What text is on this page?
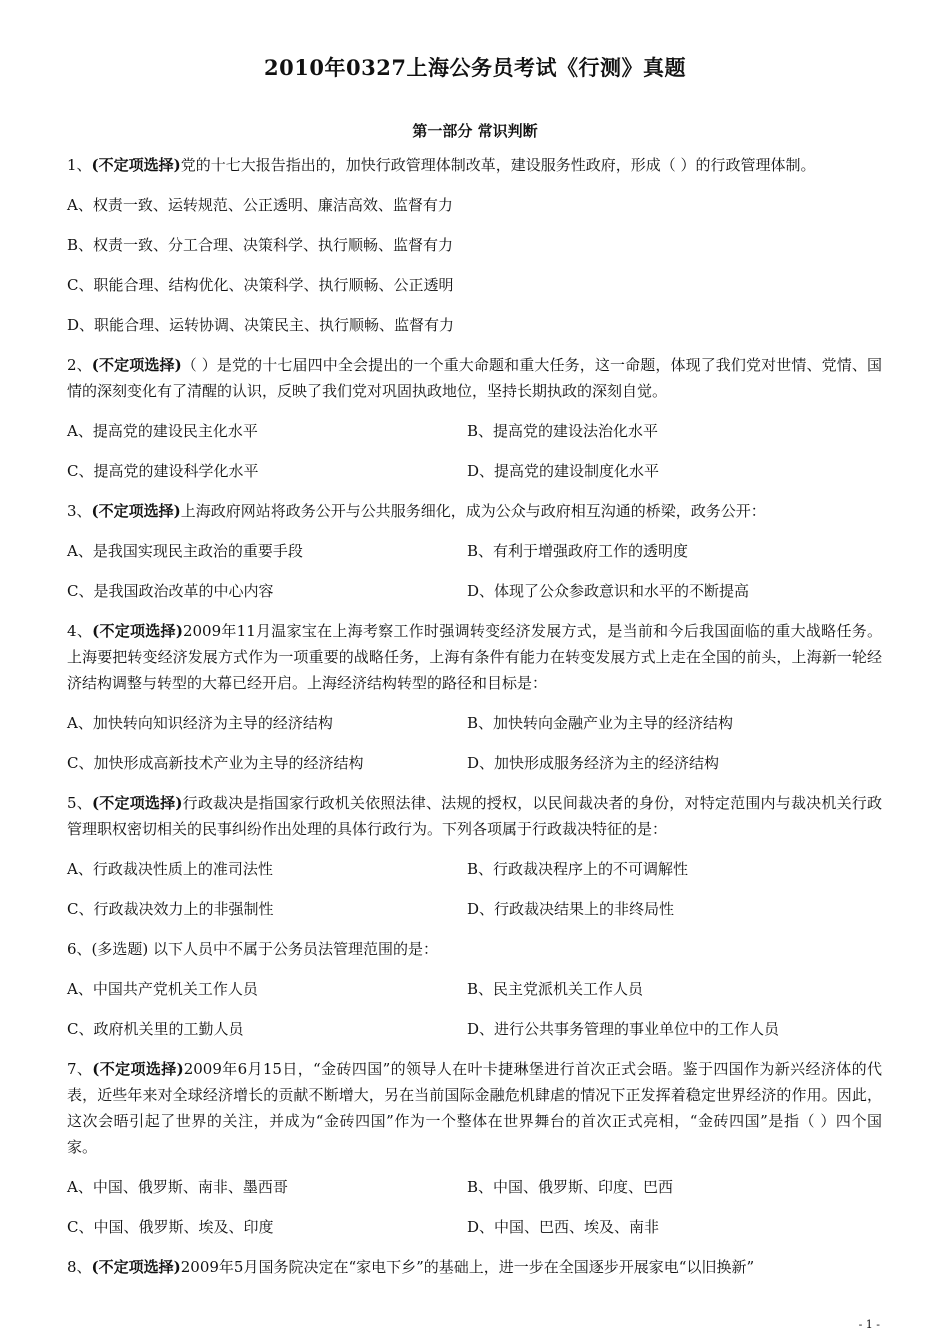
2010年0327上海公务员考试《行测》真题
第一部分 常识判断
1、(不定项选择)党的十七大报告指出的，加快行政管理体制改革，建设服务性政府，形成（ ）的行政管理体制。
A、权责一致、运转规范、公正透明、廉洁高效、监督有力
B、权责一致、分工合理、决策科学、执行顺畅、监督有力
C、职能合理、结构优化、决策科学、执行顺畅、公正透明
D、职能合理、运转协调、决策民主、执行顺畅、监督有力
2、(不定项选择)（ ）是党的十七届四中全会提出的一个重大命题和重大任务，这一命题，体现了我们党对世情、党情、国情的深刻变化有了清醒的认识，反映了我们党对巩固执政地位，坚持长期执政的深刻自觉。
A、提高党的建设民主化水平	B、提高党的建设法治化水平
C、提高党的建设科学化水平	D、提高党的建设制度化水平
3、(不定项选择)上海政府网站将政务公开与公共服务细化，成为公众与政府相互沟通的桥梁，政务公开：
A、是我国实现民主政治的重要手段	B、有利于增强政府工作的透明度
C、是我国政治改革的中心内容	D、体现了公众参政意识和水平的不断提高
4、(不定项选择)2009年11月温家宝在上海考察工作时强调转变经济发展方式，是当前和今后我国面临的重大战略任务。上海要把转变经济发展方式作为一项重要的战略任务，上海有条件有能力在转变发展方式上走在全国的前头，上海新一轮经济结构调整与转型的大幕已经开启。上海经济结构转型的路径和目标是：
A、加快转向知识经济为主导的经济结构	B、加快转向金融产业为主导的经济结构
C、加快形成高新技术产业为主导的经济结构	D、加快形成服务经济为主的经济结构
5、(不定项选择)行政裁决是指国家行政机关依照法律、法规的授权，以民间裁决者的身份，对特定范围内与裁决机关行政管理职权密切相关的民事纠纷作出处理的具体行政行为。下列各项属于行政裁决特征的是：
A、行政裁决性质上的准司法性	B、行政裁决程序上的不可调解性
C、行政裁决效力上的非强制性	D、行政裁决结果上的非终局性
6、(多选题) 以下人员中不属于公务员法管理范围的是：
A、中国共产党机关工作人员	B、民主党派机关工作人员
C、政府机关里的工勤人员	D、进行公共事务管理的事业单位中的工作人员
7、(不定项选择)2009年6月15日，“金砖四国”的领导人在叶卡捷琳堡进行首次正式会晤。鉴于四国作为新兴经济体的代表，近些年来对全球经济增长的贡献不断增大，另在当前国际金融危机肆虐的情况下正发挥着稳定世界经济的作用。因此，这次会晤引起了世界的关注，并成为“金砖四国”作为一个整体在世界舞台的首次正式亮相，“金砖四国”是指（ ）四个国家。
A、中国、俄罗斯、南非、墨西哥	B、中国、俄罗斯、印度、巴西
C、中国、俄罗斯、埃及、印度	D、中国、巴西、埃及、南非
8、(不定项选择)2009年5月国务院决定在“家电下乡”的基础上，进一步在全国逐步开展家电“以旧换新”
- 1 -
